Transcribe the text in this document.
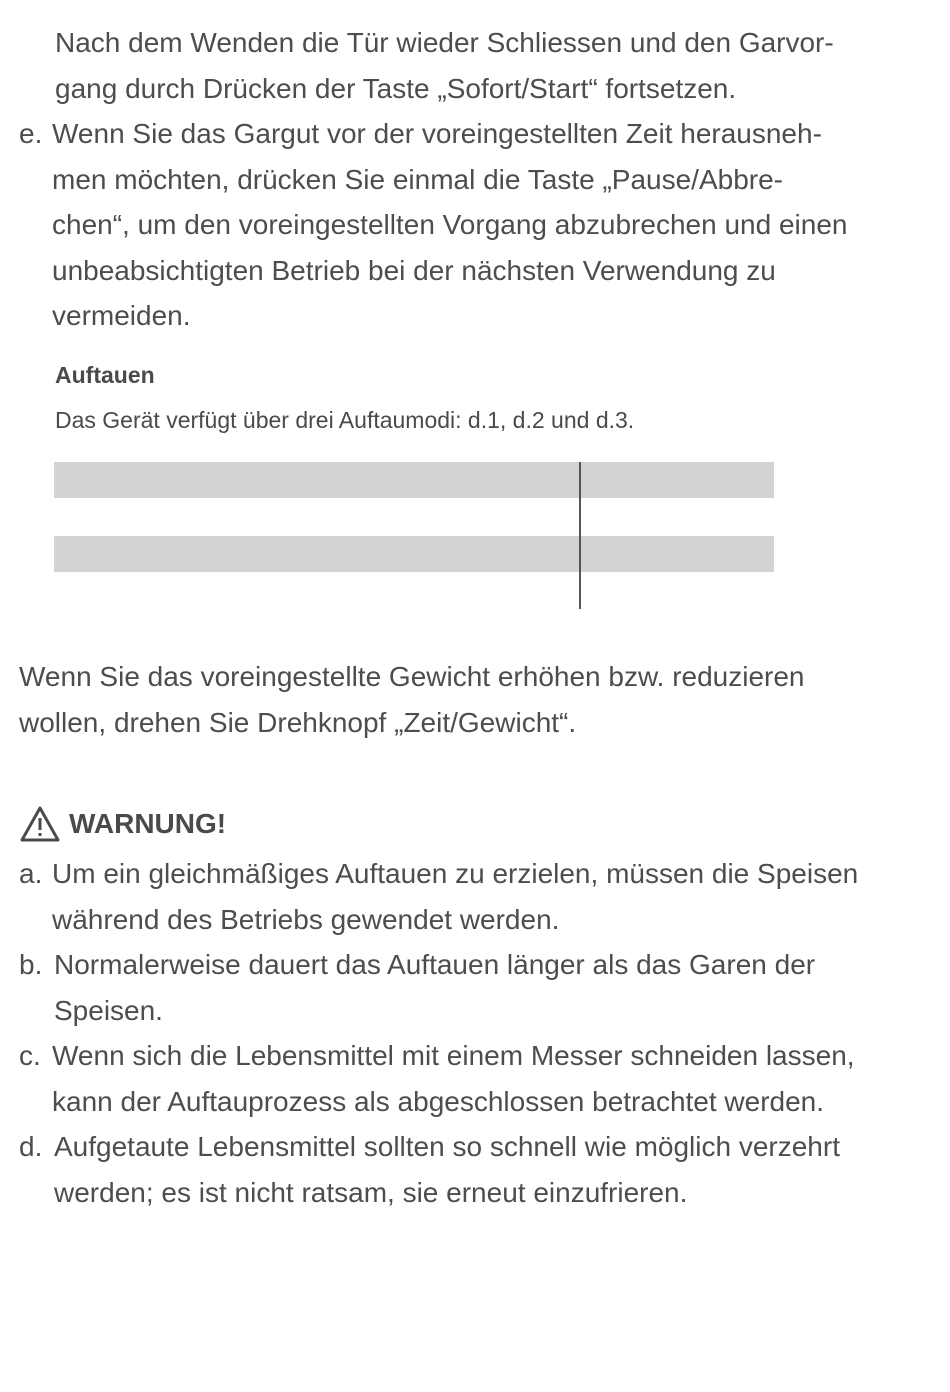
Nach dem Wenden die Tür wieder Schliessen und den Garvor-
gang durch Drücken der Taste „Sofort/Start“ fortsetzen.
e. Wenn Sie das Gargut vor der voreingestellten Zeit herausneh-
men möchten, drücken Sie einmal die Taste „Pause/Abbre-
chen“, um den voreingestellten Vorgang abzubrechen und einen
unbeabsichtigten Betrieb bei der nächsten Verwendung zu
vermeiden.
Auftauen
Das Gerät verfügt über drei Auftaumodi: d.1, d.2 und d.3.
Wenn Sie das voreingestellte Gewicht erhöhen bzw. reduzieren
wollen, drehen Sie Drehknopf „Zeit/Gewicht“.
WARNUNG!
a. Um ein gleichmäßiges Auftauen zu erzielen, müssen die Speisen
während des Betriebs gewendet werden.
b. Normalerweise dauert das Auftauen länger als das Garen der
Speisen.
c. Wenn sich die Lebensmittel mit einem Messer schneiden lassen,
kann der Auftauprozess als abgeschlossen betrachtet werden.
d. Aufgetaute Lebensmittel sollten so schnell wie möglich verzehrt
werden; es ist nicht ratsam, sie erneut einzufrieren.
